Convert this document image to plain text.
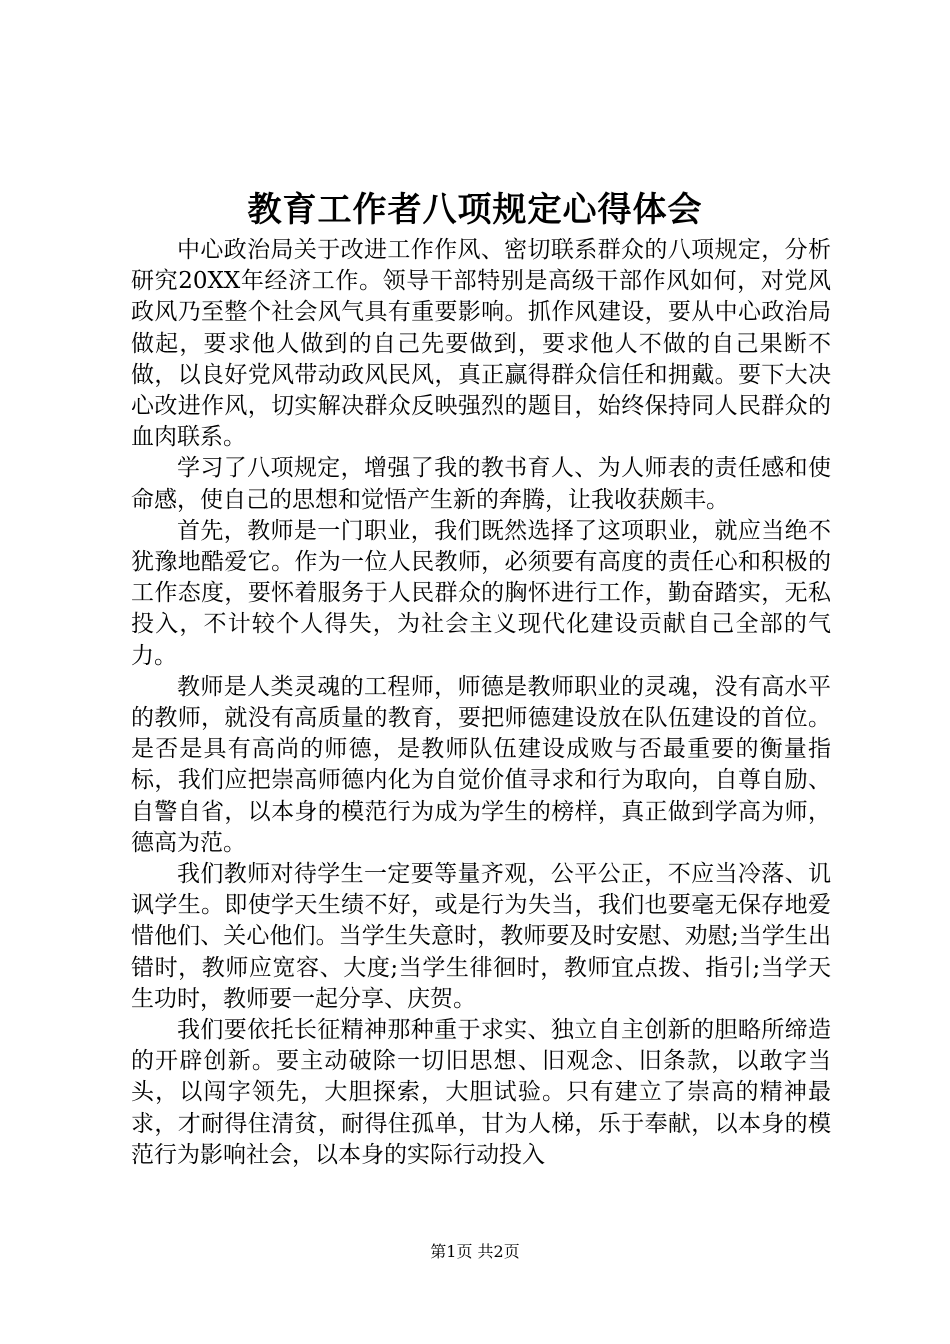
教育工作者八项规定心得体会

中心政治局关于改进工作作风、密切联系群众的八项规定，分析研究20XX年经济工作。领导干部特别是高级干部作风如何，对党风政风乃至整个社会风气具有重要影响。抓作风建设，要从中心政治局做起，要求他人做到的自己先要做到，要求他人不做的自己果断不做，以良好党风带动政风民风，真正赢得群众信任和拥戴。要下大决心改进作风，切实解决群众反映强烈的题目，始终保持同人民群众的血肉联系。

学习了八项规定，增强了我的教书育人、为人师表的责任感和使命感，使自己的思想和觉悟产生新的奔腾，让我收获颇丰。

首先，教师是一门职业，我们既然选择了这项职业，就应当绝不犹豫地酷爱它。作为一位人民教师，必须要有高度的责任心和积极的工作态度，要怀着服务于人民群众的胸怀进行工作，勤奋踏实，无私投入，不计较个人得失，为社会主义现代化建设贡献自己全部的气力。

教师是人类灵魂的工程师，师德是教师职业的灵魂，没有高水平的教师，就没有高质量的教育，要把师德建设放在队伍建设的首位。是否是具有高尚的师德，是教师队伍建设成败与否最重要的衡量指标，我们应把崇高师德内化为自觉价值寻求和行为取向，自尊自励、自警自省，以本身的模范行为成为学生的榜样，真正做到学高为师，德高为范。

我们教师对待学生一定要等量齐观，公平公正，不应当冷落、讥讽学生。即使学天生绩不好，或是行为失当，我们也要毫无保存地爱惜他们、关心他们。当学生失意时，教师要及时安慰、劝慰;当学生出错时，教师应宽容、大度;当学生徘徊时，教师宜点拨、指引;当学天生功时，教师要一起分享、庆贺。

我们要依托长征精神那种重于求实、独立自主创新的胆略所缔造的开辟创新。要主动破除一切旧思想、旧观念、旧条款，以敢字当头，以闯字领先，大胆探索，大胆试验。只有建立了崇高的精神最求，才耐得住清贫，耐得住孤单，甘为人梯，乐于奉献，以本身的模范行为影响社会，以本身的实际行动投入

第1页 共2页
